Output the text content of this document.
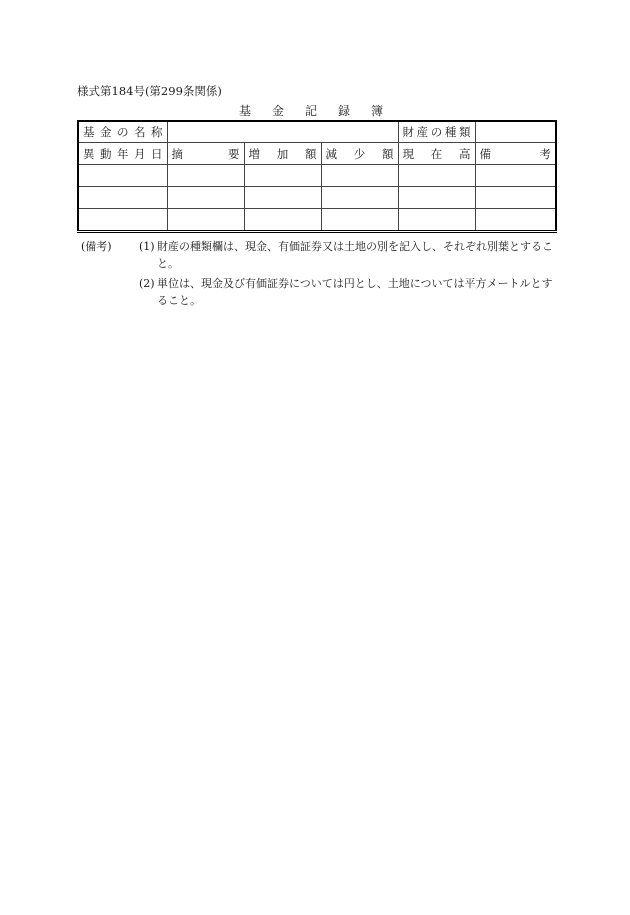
様式第184号(第299条関係)
基金記録簿
基金の名称				財産の種類	
異動年月日	摘要	増加額	減少額	現在高	備考

(備考) (1) 財産の種類欄は、現金、有価証券又は土地の別を記入し、それぞれ別葉とすること。
(2) 単位は、現金及び有価証券については円とし、土地については平方メートルとすること。
